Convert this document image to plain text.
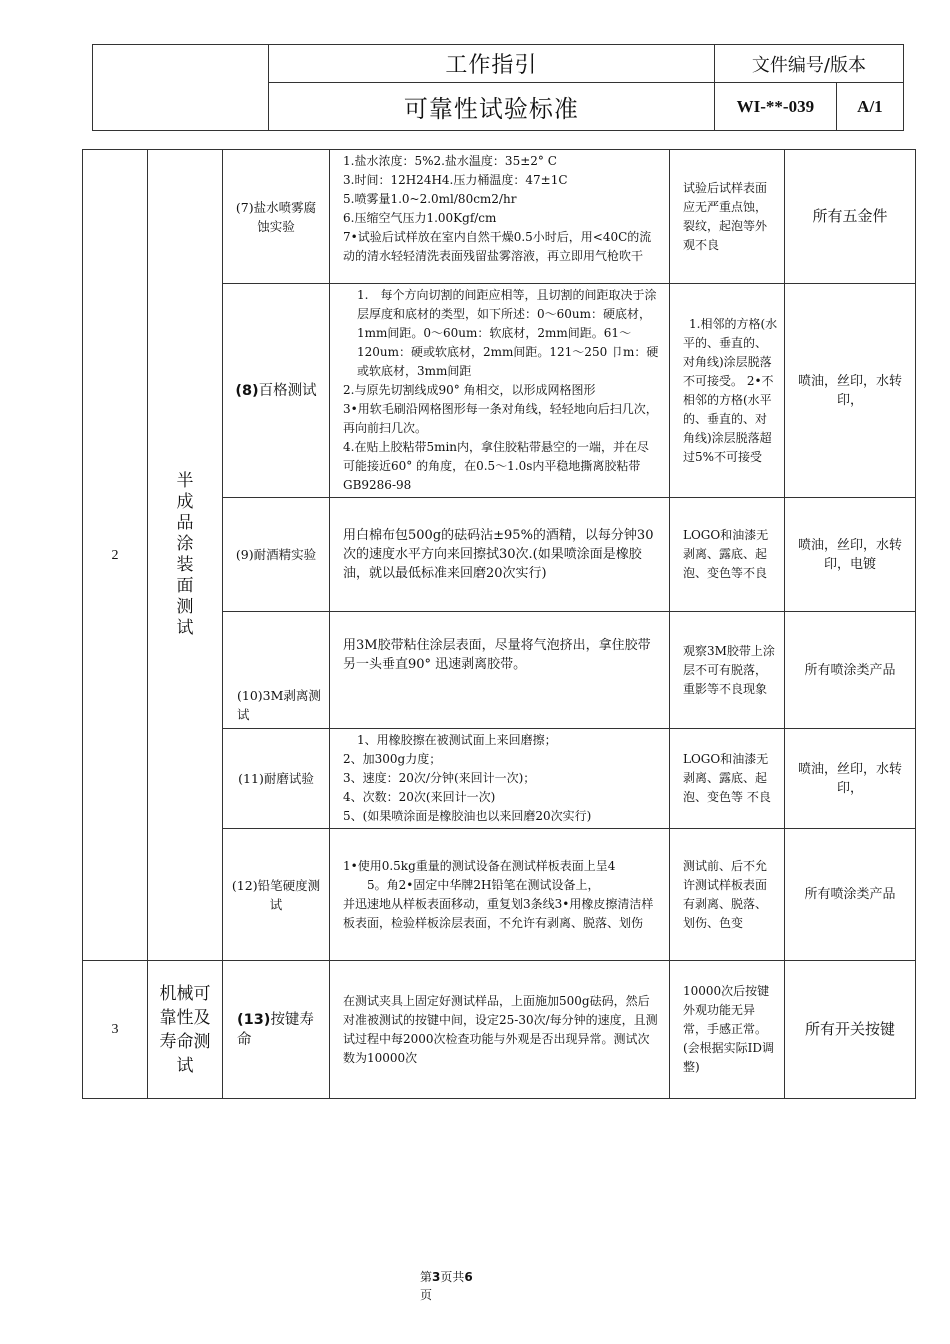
	工作指引	文件编号/版本	
	可靠性试验标准	WI-**-039	A/1
2	半成品涂装面测试	(7)盐水喷雾腐蚀实验	1.盐水浓度：5%2.盐水温度：35±2° C
3.时间：12H24H4.压力桶温度：47±1C
5.喷雾量1.0~2.0ml/80cm2/hr
6.压缩空气压力1.00Kgf/cm
7•试验后试样放在室内自然干燥0.5小时后，用<40C的流动的清水轻轻清洗表面残留盐雾溶液，再立即用气枪吹干	试验后试样表面应无严重点蚀，裂纹，起泡等外观不良	所有五金件
		(8)百格测试	1.　每个方向切割的间距应相等，且切割的间距取决于涂层厚度和底材的类型，如下所述：0～60um：硬底材，1mm间距。0～60um：软底材，2mm间距。61～120um：硬或软底材，2mm间距。121～250 卩m：硬或软底材，3mm间距
2.与原先切割线成90° 角相交，以形成网格图形
3•用软毛刷沿网格图形每一条对角线，轻轻地向后扫几次，再向前扫几次。
4.在贴上胶粘带5min内，拿住胶粘带悬空的一端，并在尽可能接近60° 的角度，在0.5～1.0s内平稳地撕离胶粘带GB9286-98	1.相邻的方格(水平的、垂直的、对角线)涂层脱落不可接受。 2•不相邻的方格(水平的、垂直的、对角线)涂层脱落超过5%不可接受	喷油，丝印，水转印，
		(9)耐酒精实验	用白棉布包500g的砝码沾±95%的酒精，以每分钟30次的速度水平方向来回擦拭30次.(如果喷涂面是橡胶油，就以最低标准来回磨20次实行)	LOGO和油漆无剥离、露底、起泡、变色等不良	喷油，丝印，水转印，电镀
		(10)3M剥离测试	用3M胶带粘住涂层表面，尽量将气泡挤出，拿住胶带另一头垂直90° 迅速剥离胶带。	观察3M胶带上涂层不可有脱落，重影等不良现象	所有喷涂类产品
		(11)耐磨试验	1、用橡胶擦在被测试面上来回磨擦；
2、加300g力度；
3、速度：20次/分钟(来回计一次)；
4、次数：20次(来回计一次)
5、(如果喷涂面是橡胶油也以来回磨20次实行)	LOGO和油漆无剥离、露底、起泡、变色等 不良	喷油，丝印，水转印，
		(12)铅笔硬度测试	1•使用0.5kg重量的测试设备在测试样板表面上呈4
5。角2•固定中华牌2H铅笔在测试设备上，
并迅速地从样板表面移动，重复划3条线3•用橡皮擦清洁样板表面，检验样板涂层表面，不允许有剥离、脱落、划伤	测试前、后不允许测试样板表面有剥离、脱落、划伤、色变	所有喷涂类产品
3	机械可靠性及寿命测试	(13)按键寿命	在测试夹具上固定好测试样品，上面施加500g砝码，然后对准被测试的按键中间，设定25-30次/每分钟的速度，且测试过程中每2000次检查功能与外观是否出现异常。测试次数为10000次	10000次后按键外观功能无异常，手感正常。(会根据实际ID调整)	所有开关按键
第3页共6
页
